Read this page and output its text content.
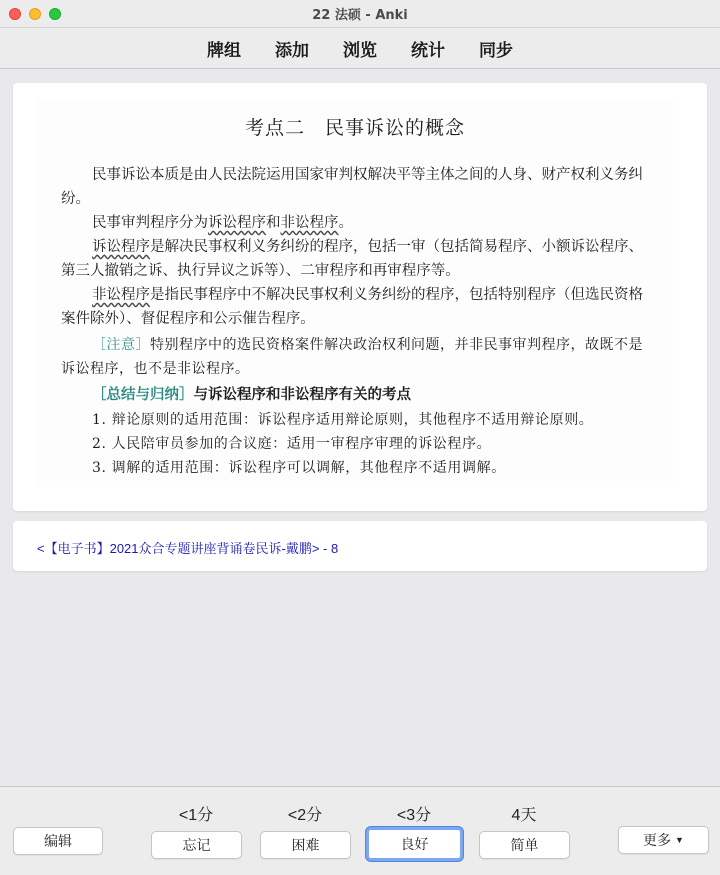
22 法硕 - Anki
牌组 添加 浏览 统计 同步
考点二　民事诉讼的概念
民事诉讼本质是由人民法院运用国家审判权解决平等主体之间的人身、财产权利义务纠纷。
民事审判程序分为诉讼程序和非讼程序。
诉讼程序是解决民事权利义务纠纷的程序，包括一审（包括简易程序、小额诉讼程序、第三人撤销之诉、执行异议之诉等）、二审程序和再审程序等。
非讼程序是指民事程序中不解决民事权利义务纠纷的程序，包括特别程序（但选民资格案件除外）、督促程序和公示催告程序。
［注意］特别程序中的选民资格案件解决政治权利问题，并非民事审判程序，故既不是诉讼程序，也不是非讼程序。
［总结与归纳］与诉讼程序和非讼程序有关的考点
1. 辩论原则的适用范围：诉讼程序适用辩论原则，其他程序不适用辩论原则。
2. 人民陪审员参加的合议庭：适用一审程序审理的诉讼程序。
3. 调解的适用范围：诉讼程序可以调解，其他程序不适用调解。
<【电子书】2021众合专题讲座背诵卷民诉-戴鹏> - 8
编辑
<1分	<2分	<3分	4天
忘记	困难	良好	简单	更多 ▼
